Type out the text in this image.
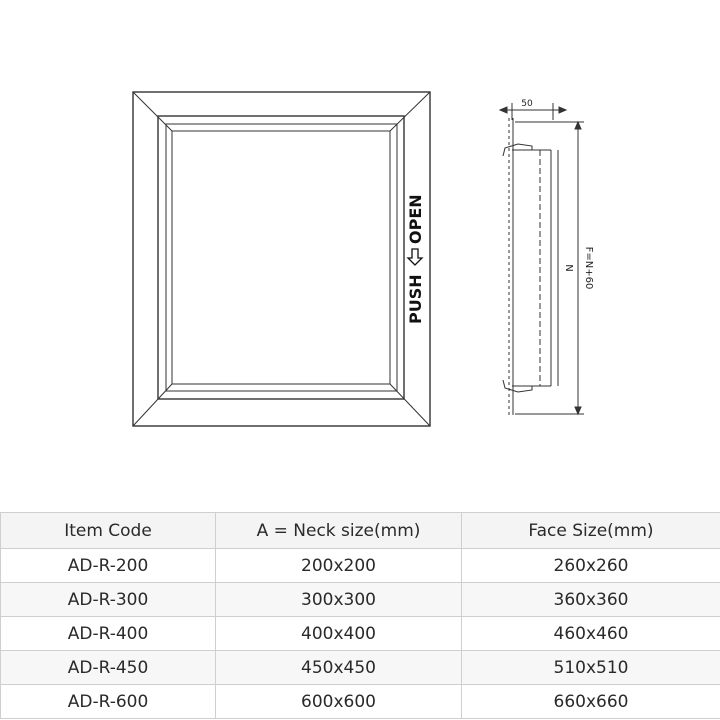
PUSH
OPEN
50
N F=N+60
Item Code	A = Neck size(mm)	Face Size(mm)
AD-R-200	200x200	260x260
AD-R-300	300x300	360x360
AD-R-400	400x400	460x460
AD-R-450	450x450	510x510
AD-R-600	600x600	660x660
